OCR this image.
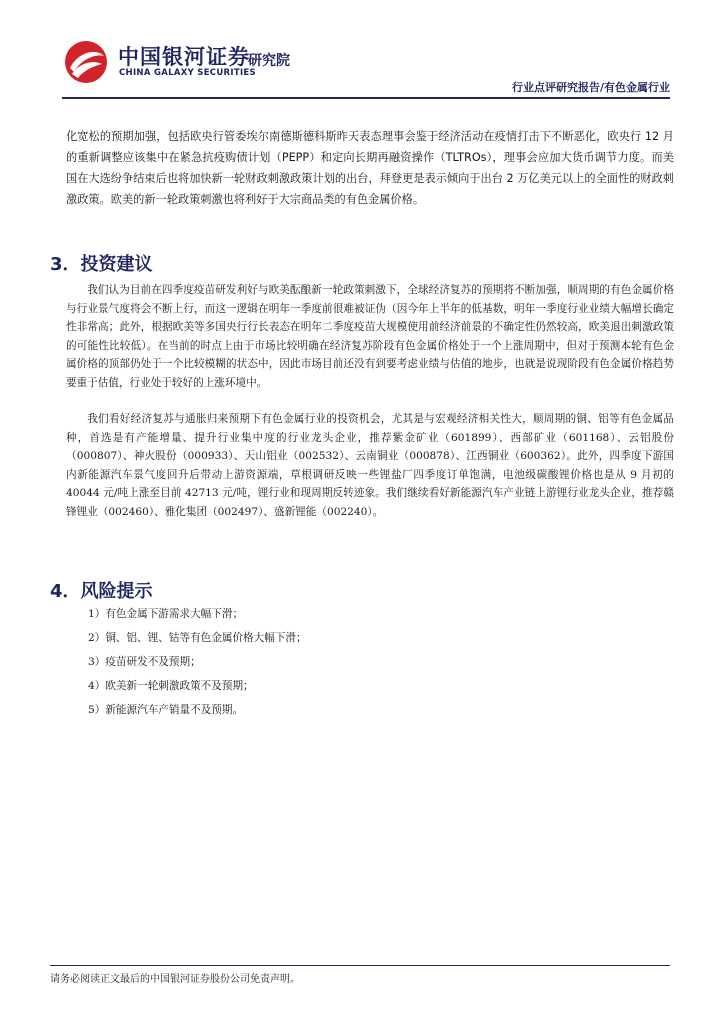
中国银河证券
CHINA GALAXY SECURITIES
研究院
行业点评研究报告/有色金属行业
化宽松的预期加强，包括欧央行管委埃尔南德斯德科斯昨天表态理事会鉴于经济活动在疫情打击下不断恶化，欧央行 12 月的重新调整应该集中在紧急抗疫购债计划（PEPP）和定向长期再融资操作（TLTROs），理事会应加大货币调节力度。而美国在大选纷争结束后也将加快新一轮财政刺激政策计划的出台，拜登更是表示倾向于出台 2 万亿美元以上的全面性的财政刺激政策。欧美的新一轮政策刺激也将利好于大宗商品类的有色金属价格。
3．投资建议
我们认为目前在四季度疫苗研发利好与欧美酝酿新一轮政策刺激下，全球经济复苏的预期将不断加强，顺周期的有色金属价格与行业景气度将会不断上行，而这一逻辑在明年一季度前很难被证伪（因今年上半年的低基数，明年一季度行业业绩大幅增长确定性非常高；此外，根据欧美等多国央行行长表态在明年二季度疫苗大规模使用前经济前景的不确定性仍然较高，欧美退出刺激政策的可能性比较低）。在当前的时点上由于市场比较明确在经济复苏阶段有色金属价格处于一个上涨周期中，但对于预测本轮有色金属价格的顶部仍处于一个比较模糊的状态中，因此市场目前还没有到要考虑业绩与估值的地步，也就是说现阶段有色金属价格趋势要重于估值，行业处于较好的上涨环境中。
我们看好经济复苏与通胀归来预期下有色金属行业的投资机会，尤其是与宏观经济相关性大，顺周期的铜、铝等有色金属品种，首选是有产能增量、提升行业集中度的行业龙头企业，推荐紫金矿业（601899）、西部矿业（601168）、云铝股份（000807）、神火股份（000933）、天山铝业（002532）、云南铜业（000878）、江西铜业（600362）。此外，四季度下游国内新能源汽车景气度回升后带动上游资源端，草根调研反映一些锂盐厂四季度订单饱满，电池级碳酸锂价格也是从 9 月初的 40044 元/吨上涨至目前 42713 元/吨，锂行业和现周期反转迹象。我们继续看好新能源汽车产业链上游锂行业龙头企业，推荐赣锋锂业（002460）、雅化集团（002497）、盛新锂能（002240）。
4．风险提示
1）有色金属下游需求大幅下滑；
2）铜、铝、锂、钴等有色金属价格大幅下滑；
3）疫苗研发不及预期；
4）欧美新一轮刺激政策不及预期；
5）新能源汽车产销量不及预期。
请务必阅读正文最后的中国银河证券股份公司免责声明。
